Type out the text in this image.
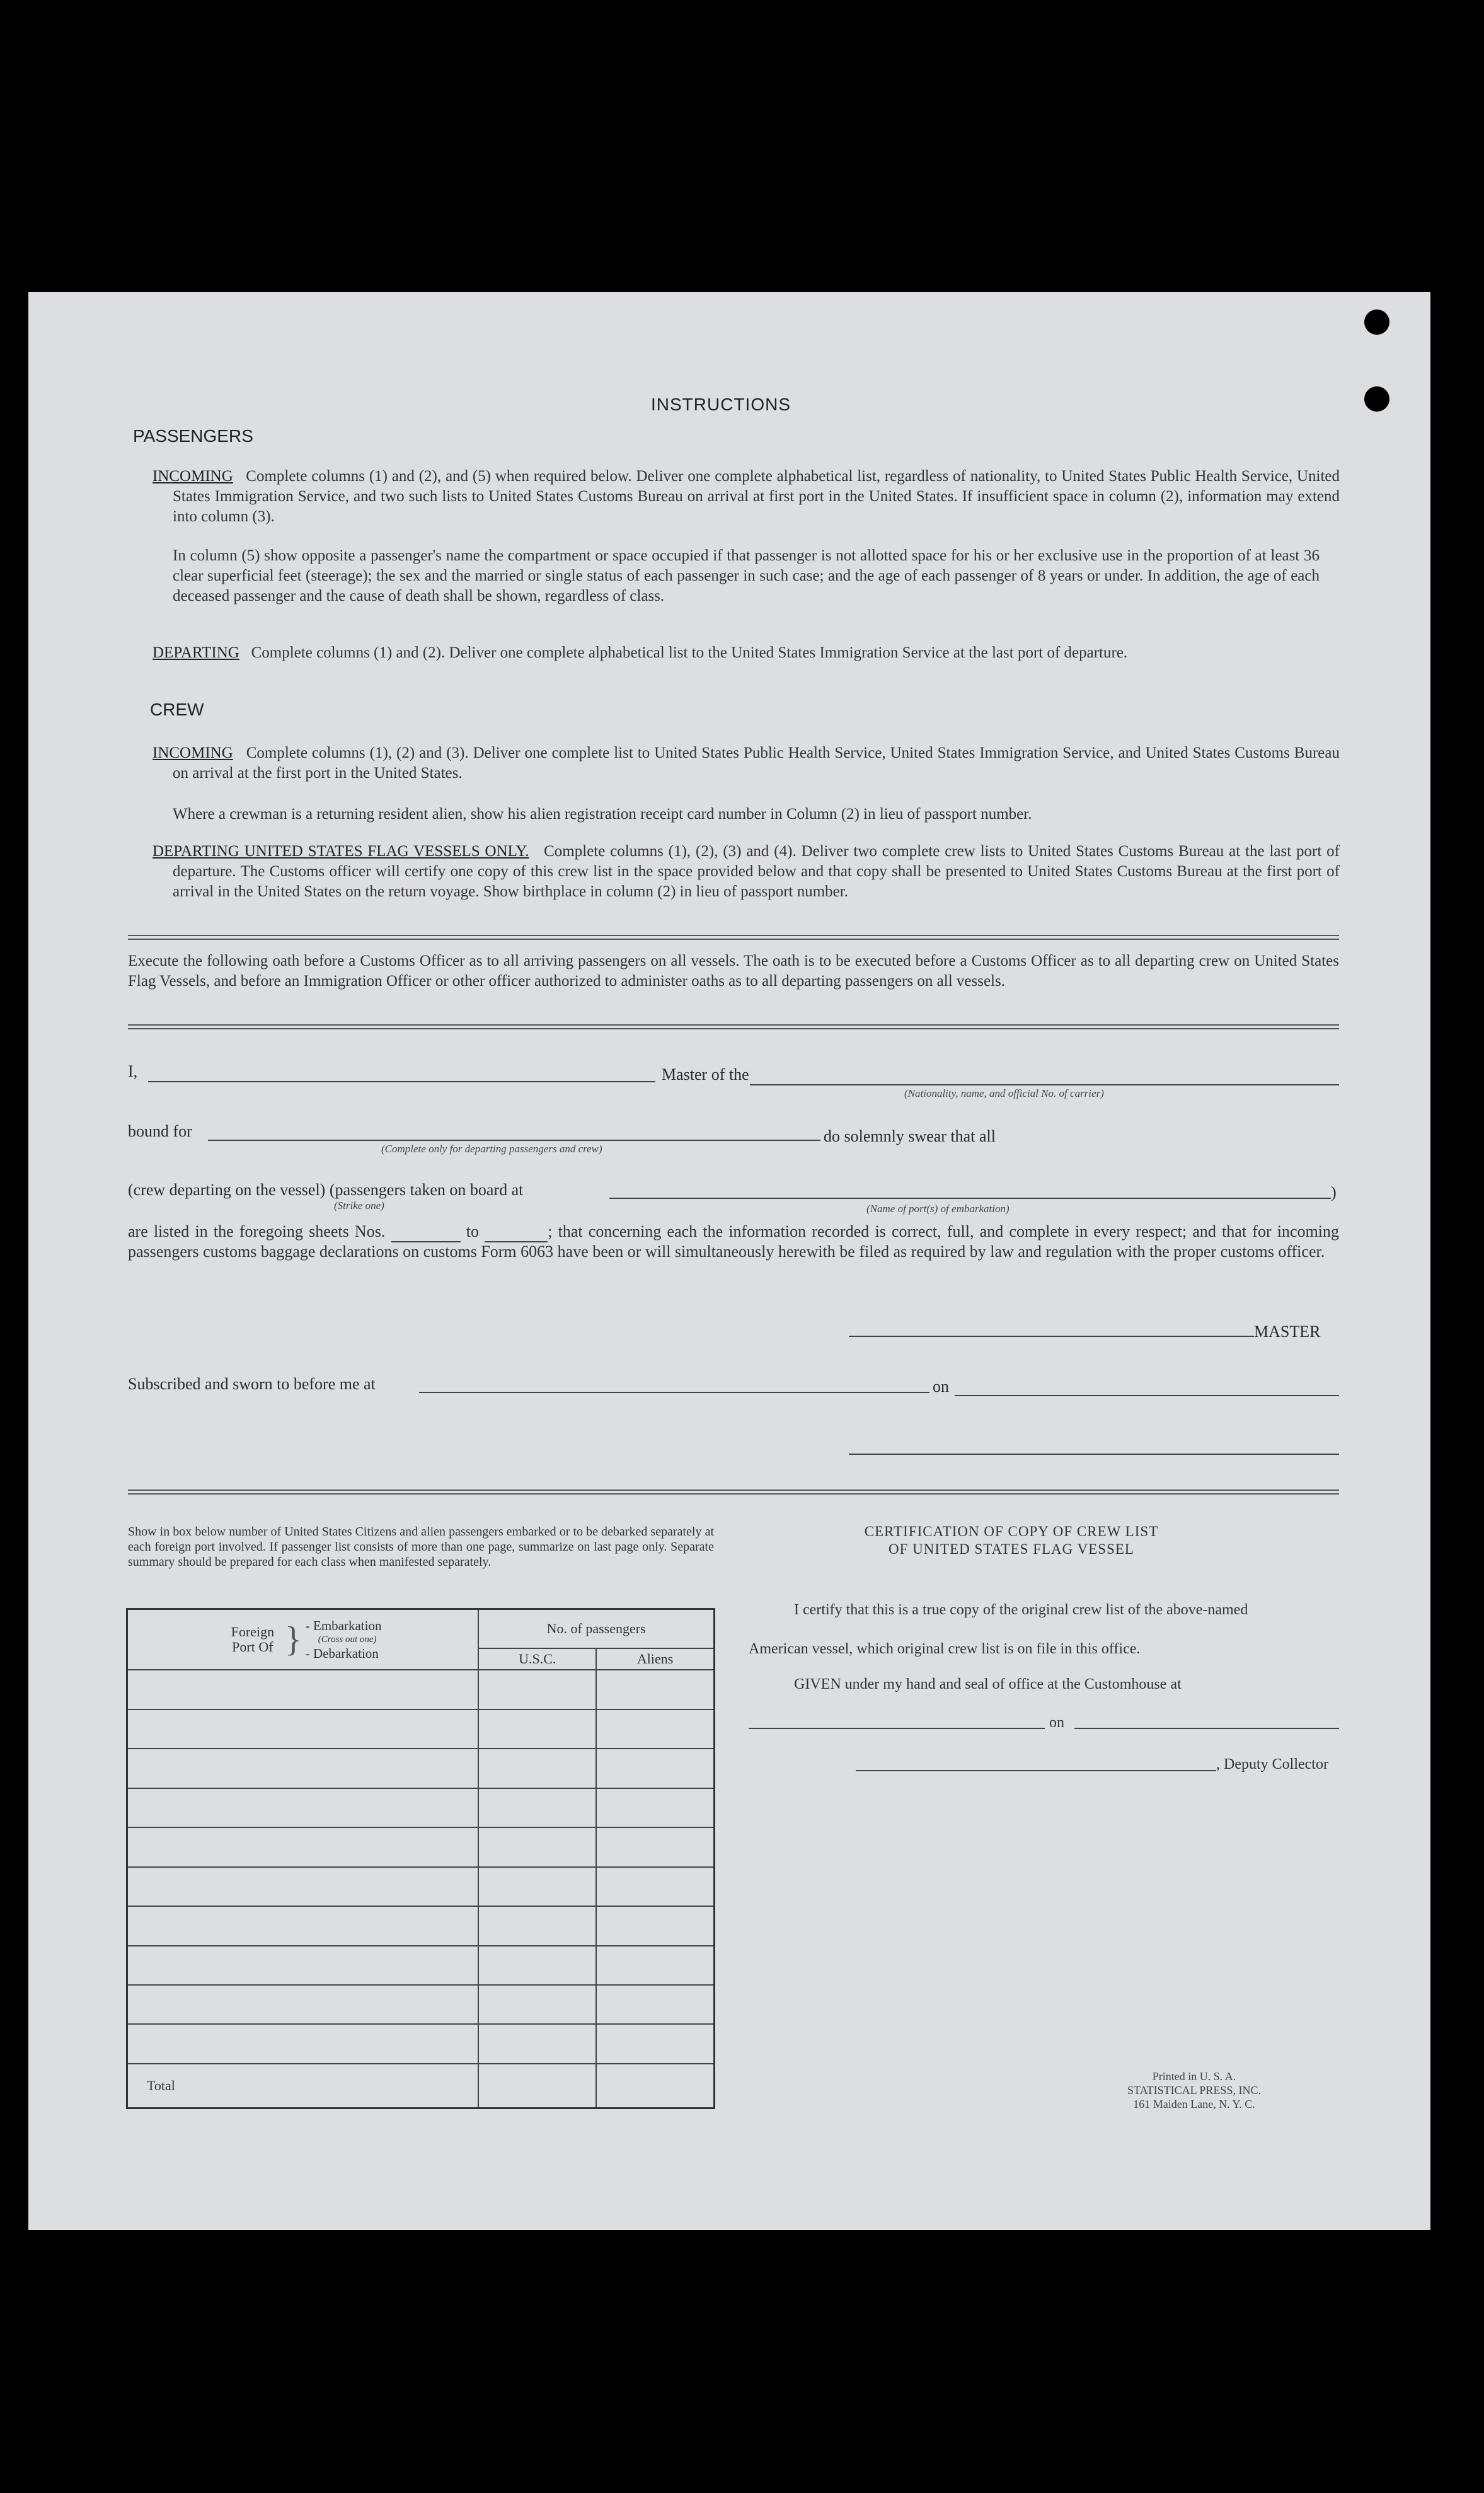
INSTRUCTIONS
PASSENGERS
INCOMING Complete columns (1) and (2), and (5) when required below. Deliver one complete alphabetical list, regardless of nationality, to United States Public Health Service, United States Immigration Service, and two such lists to United States Customs Bureau on arrival at first port in the United States. If insufficient space in column (2), information may extend into column (3).
In column (5) show opposite a passenger's name the compartment or space occupied if that passenger is not allotted space for his or her exclusive use in the proportion of at least 36 clear superficial feet (steerage); the sex and the married or single status of each passenger in such case; and the age of each passenger of 8 years or under. In addition, the age of each deceased passenger and the cause of death shall be shown, regardless of class.
DEPARTING Complete columns (1) and (2). Deliver one complete alphabetical list to the United States Immigration Service at the last port of departure.
CREW
INCOMING Complete columns (1), (2) and (3). Deliver one complete list to United States Public Health Service, United States Immigration Service, and United States Customs Bureau on arrival at the first port in the United States.
Where a crewman is a returning resident alien, show his alien registration receipt card number in Column (2) in lieu of passport number.
DEPARTING UNITED STATES FLAG VESSELS ONLY. Complete columns (1), (2), (3) and (4). Deliver two complete crew lists to United States Customs Bureau at the last port of departure. The Customs officer will certify one copy of this crew list in the space provided below and that copy shall be presented to United States Customs Bureau at the first port of arrival in the United States on the return voyage. Show birthplace in column (2) in lieu of passport number.
Execute the following oath before a Customs Officer as to all arriving passengers on all vessels. The oath is to be executed before a Customs Officer as to all departing crew on United States Flag Vessels, and before an Immigration Officer or other officer authorized to administer oaths as to all departing passengers on all vessels.
I,	Master of the
(Nationality, name, and official No. of carrier)
bound for
(Complete only for departing passengers and crew)
do solemnly swear that all
(crew departing on the vessel) (passengers taken on board at	)
(Strike one)	(Name of port(s) of embarkation)
are listed in the foregoing sheets Nos.	to	; that concerning each the information recorded is correct, full, and complete in every respect; and that for incoming passengers customs baggage declarations on customs Form 6063 have been or will simultaneously herewith be filed as required by law and regulation with the proper customs officer.
MASTER
Subscribed and sworn to before me at	on
Show in box below number of United States Citizens and alien passengers embarked or to be debarked separately at each foreign port involved. If passenger list consists of more than one page, summarize on last page only. Separate summary should be prepared for each class when manifested separately.
Foreign Port Of } - Embarkation
(Cross out one)
- Debarkation	No. of passengers	
	U.S.C.	Aliens

Total		
CERTIFICATION OF COPY OF CREW LIST
OF UNITED STATES FLAG VESSEL
I certify that this is a true copy of the original crew list of the above-named
American vessel, which original crew list is on file in this office.
GIVEN under my hand and seal of office at the Customhouse at
on
, Deputy Collector
Printed in U. S. A.
STATISTICAL PRESS, INC.
161 Maiden Lane, N. Y. C.
